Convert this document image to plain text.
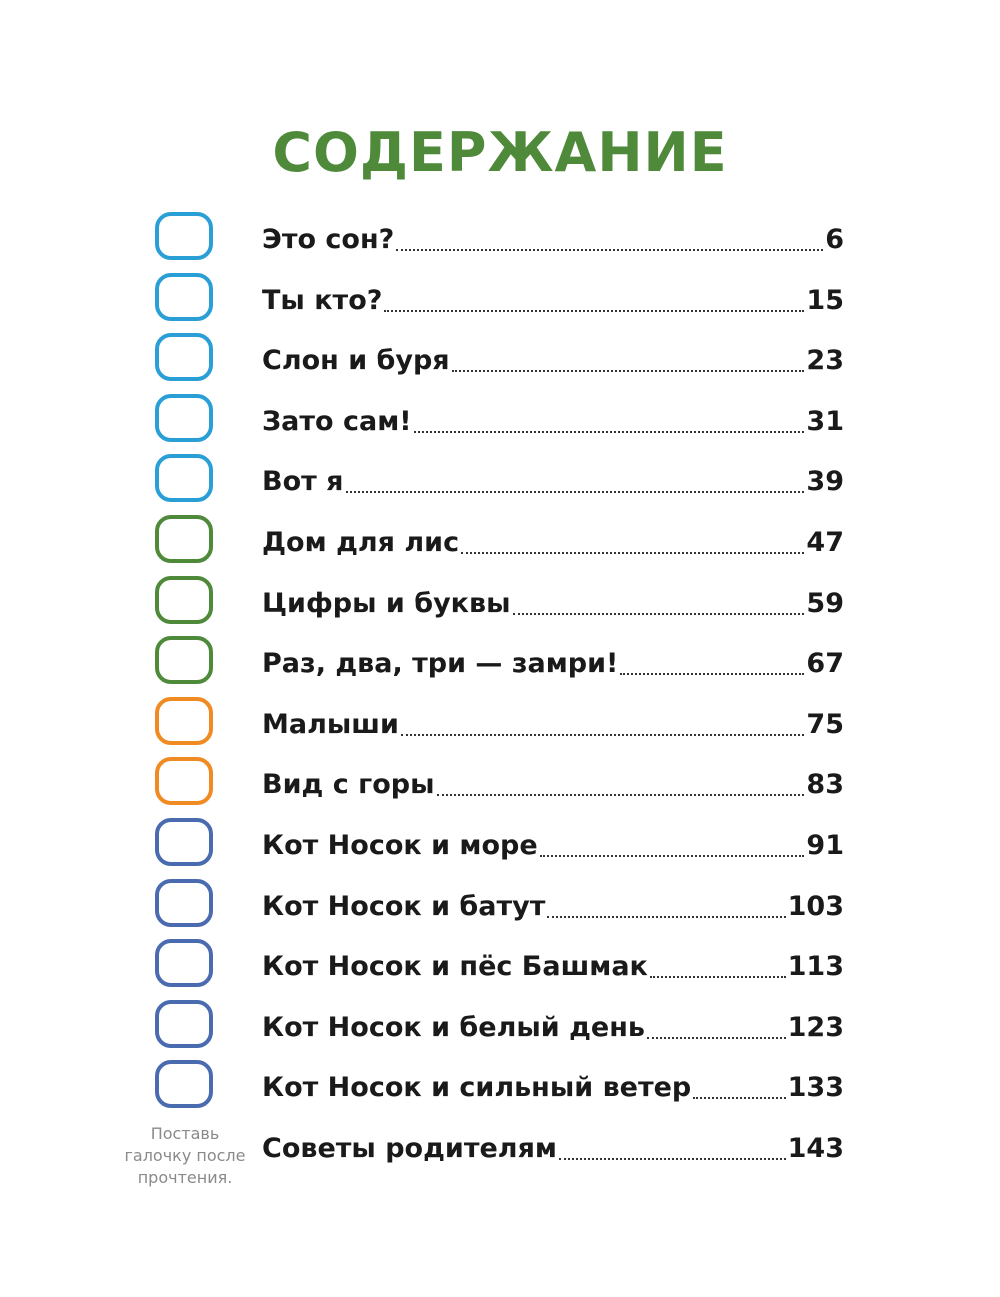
СОДЕРЖАНИЕ
Это сон?	6
Ты кто?	15
Слон и буря	23
Зато сам!	31
Вот я	39
Дом для лис	47
Цифры и буквы	59
Раз, два, три — замри!	67
Малыши	75
Вид с горы	83
Кот Носок и море	91
Кот Носок и батут	103
Кот Носок и пёс Башмак	113
Кот Носок и белый день	123
Кот Носок и сильный ветер	133
Советы родителям	143

Поставь
галочку после
прочтения.
